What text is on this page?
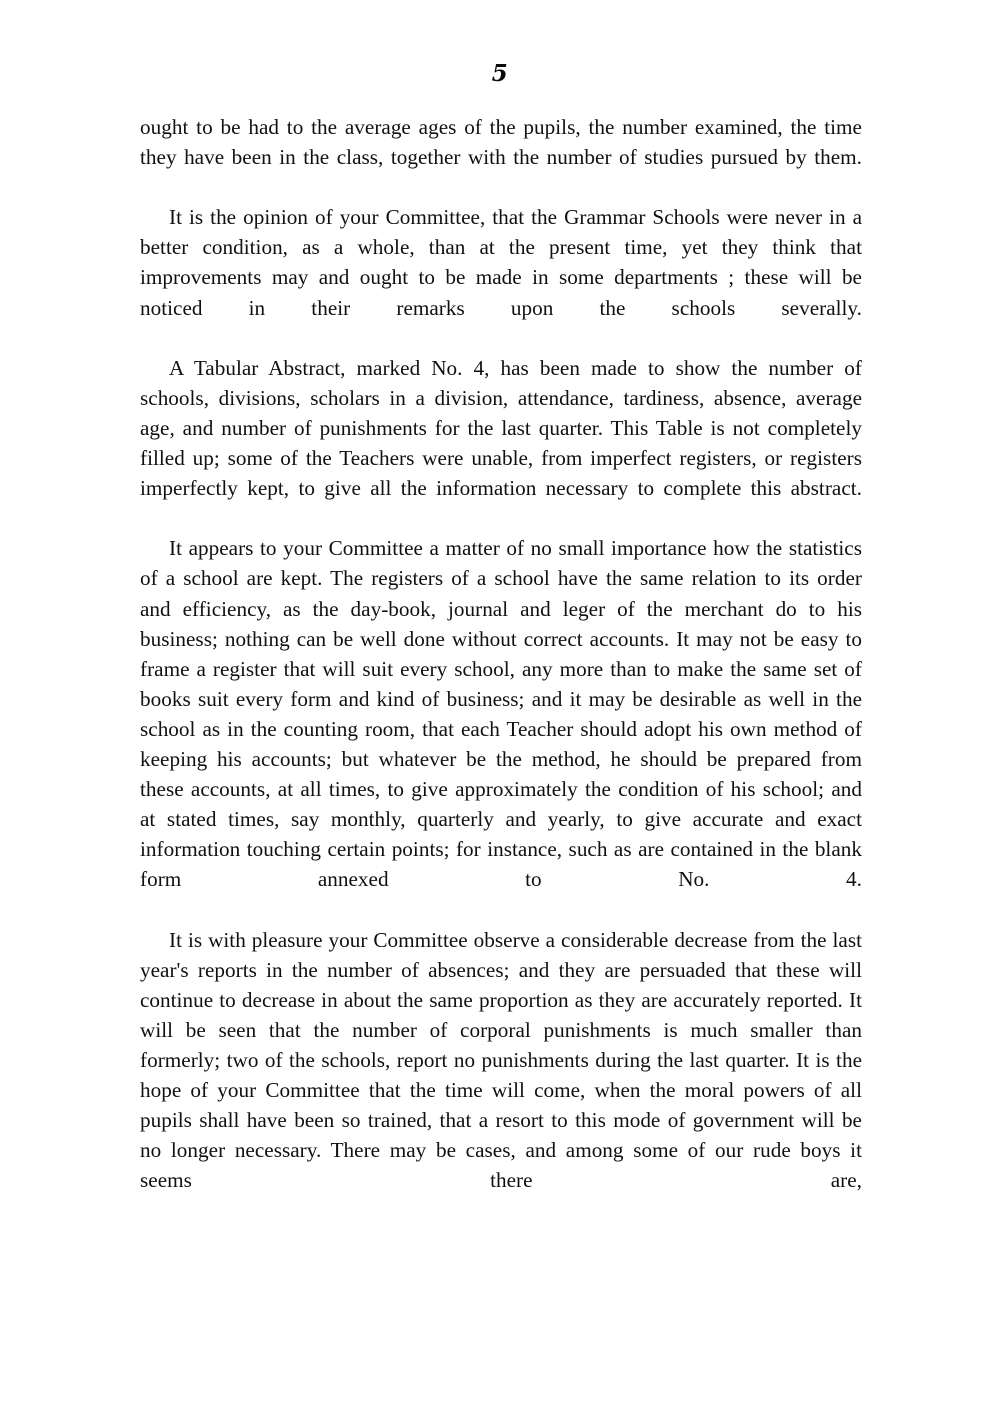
5

ought to be had to the average ages of the pupils, the number examined, the time they have been in the class, together with the number of studies pursued by them.

It is the opinion of your Committee, that the Grammar Schools were never in a better condition, as a whole, than at the present time, yet they think that improvements may and ought to be made in some departments ; these will be noticed in their remarks upon the schools severally.

A Tabular Abstract, marked No. 4, has been made to show the number of schools, divisions, scholars in a division, attendance, tardiness, absence, average age, and number of punishments for the last quarter. This Table is not completely filled up; some of the Teachers were unable, from imperfect registers, or registers imperfectly kept, to give all the information necessary to complete this abstract.

It appears to your Committee a matter of no small importance how the statistics of a school are kept. The registers of a school have the same relation to its order and efficiency, as the day-book, journal and leger of the merchant do to his business; nothing can be well done without correct accounts. It may not be easy to frame a register that will suit every school, any more than to make the same set of books suit every form and kind of business; and it may be desirable as well in the school as in the counting room, that each Teacher should adopt his own method of keeping his accounts; but whatever be the method, he should be prepared from these accounts, at all times, to give approximately the condition of his school; and at stated times, say monthly, quarterly and yearly, to give accurate and exact information touching certain points; for instance, such as are contained in the blank form annexed to No. 4.

It is with pleasure your Committee observe a considerable decrease from the last year's reports in the number of absences; and they are persuaded that these will continue to decrease in about the same proportion as they are accurately reported. It will be seen that the number of corporal punishments is much smaller than formerly; two of the schools, report no punishments during the last quarter. It is the hope of your Committee that the time will come, when the moral powers of all pupils shall have been so trained, that a resort to this mode of government will be no longer necessary. There may be cases, and among some of our rude boys it seems there are,
